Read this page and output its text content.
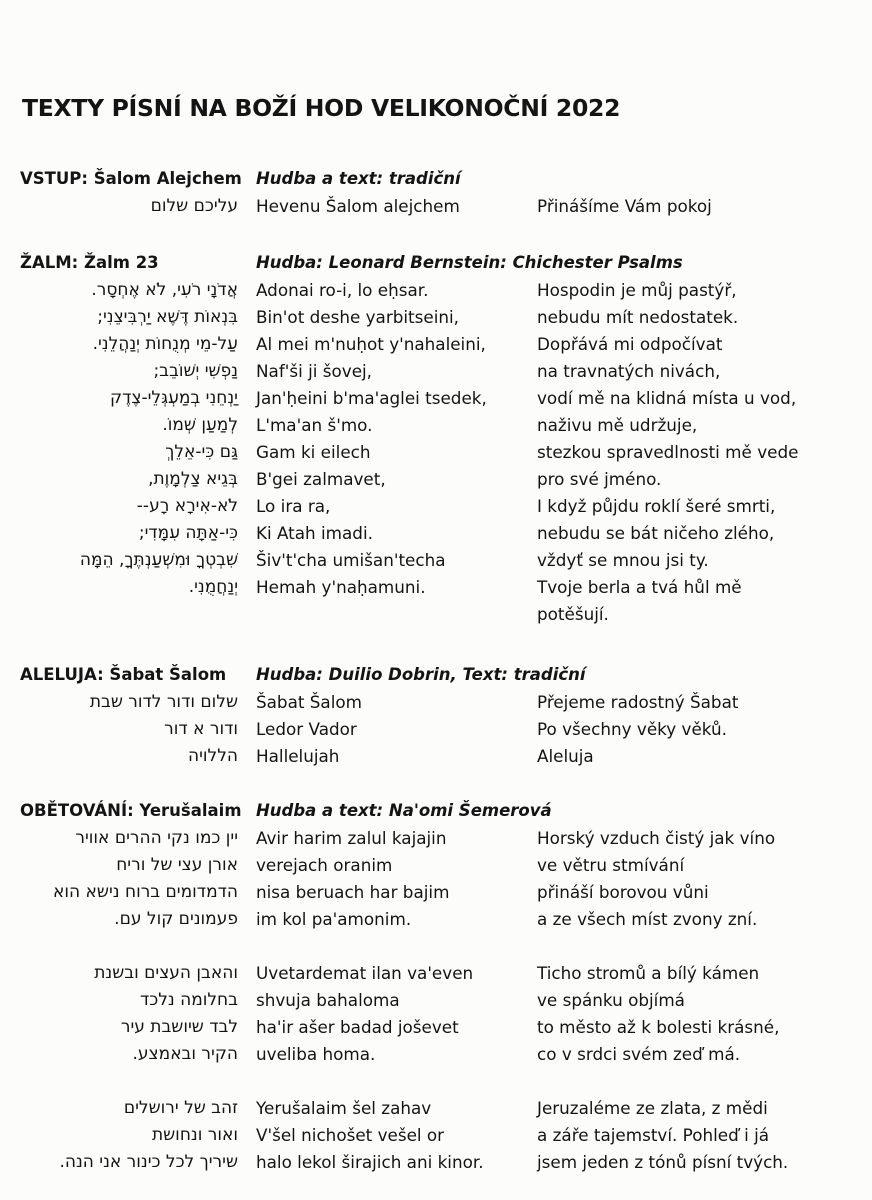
TEXTY PÍSNÍ NA BOŽÍ HOD VELIKONOČNÍ 2022
VSTUP: Šalom Alejchem
עליכם שלום
Hudba a text: tradiční
Hevenu Šalom alejchem	Přinášíme Vám pokoj
ŽALM: Žalm 23
אֲדֹנָי רֹעִי, לֹא אֶחְסָר.
בִּנְאוֹת דֶּשֶׁא יַרְבִּיצֵנִי;
עַל-מֵי מְנֻחוֹת יְנַהֲלֵנִי.
נַפְשִׁי יְשׁוֹבֵב;
יַנְחֵנִי בְמַעְגְּלֵי-צֶדֶק
לְמַעַן שְׁמוֹ.
גַּם כִּי-אֵלֵךְ
בְּגֵיא צַלְמָוֶת,
לֹא-אִירָא רָע--
כִּי-אַתָּה עִמָּדִי;
שִׁבְטְךָ וּמִשְׁעַנְתֶּךָ, הֵמָּה
יְנַחֲמֻנִי.
Hudba: Leonard Bernstein: Chichester Psalms
Adonai ro-i, lo eḥsar.
Bin'ot deshe yarbitseini,
Al mei m'nuḥot y'nahaleini,
Naf'ši ji šovej,
Jan'ḥeini b'ma'aglei tsedek,
L'ma'an š'mo.
Gam ki eilech
B'gei zalmavet,
Lo ira ra,
Ki Atah imadi.
Šiv't'cha umišan'techa
Hemah y'naḥamuni.
Hospodin je můj pastýř,
nebudu mít nedostatek.
Dopřává mi odpočívat
na travnatých nivách,
vodí mě na klidná místa u vod,
naživu mě udržuje,
stezkou spravedlnosti mě vede
pro své jméno.
I když půjdu roklí šeré smrti,
nebudu se bát ničeho zlého,
vždyť se mnou jsi ty.
Tvoje berla a tvá hůl mě
potěšují.
ALELUJA: Šabat Šalom
שלום ודור לדור שבת
ודור א דור
הללויה
Hudba: Duilio Dobrin, Text: tradiční
Šabat Šalom
Ledor Vador
Hallelujah
Přejeme radostný Šabat
Po všechny věky věků.
Aleluja
OBĚTOVÁNÍ: Yerušalaim
יין כמו נקי ההרים אוויר
אורן עצי של וריח
הדמדומים ברוח נישא הוא
פעמונים קול עם.
והאבן העצים ובשנת
בחלומה נלכד
לבד שיושבת עיר
הקיר ובאמצע.
זהב של ירושלים
ואור ונחושת
שיריך לכל כינור אני הנה.
Hudba a text: Na'omi Šemerová
Avir harim zalul kajajin
verejach oranim
nisa beruach har bajim
im kol pa'amonim.
Uvetardemat ilan va'even
shvuja bahaloma
ha'ir ašer badad joševet
uveliba homa.
Yerušalaim šel zahav
V'šel nichošet vešel or
halo lekol širajich ani kinor.
Horský vzduch čistý jak víno
ve větru stmívání
přináší borovou vůni
a ze všech míst zvony zní.
Ticho stromů a bílý kámen
ve spánku objímá
to město až k bolesti krásné,
co v srdci svém zeď má.
Jeruzaléme ze zlata, z mědi
a záře tajemství. Pohleď i já
jsem jeden z tónů písní tvých.
